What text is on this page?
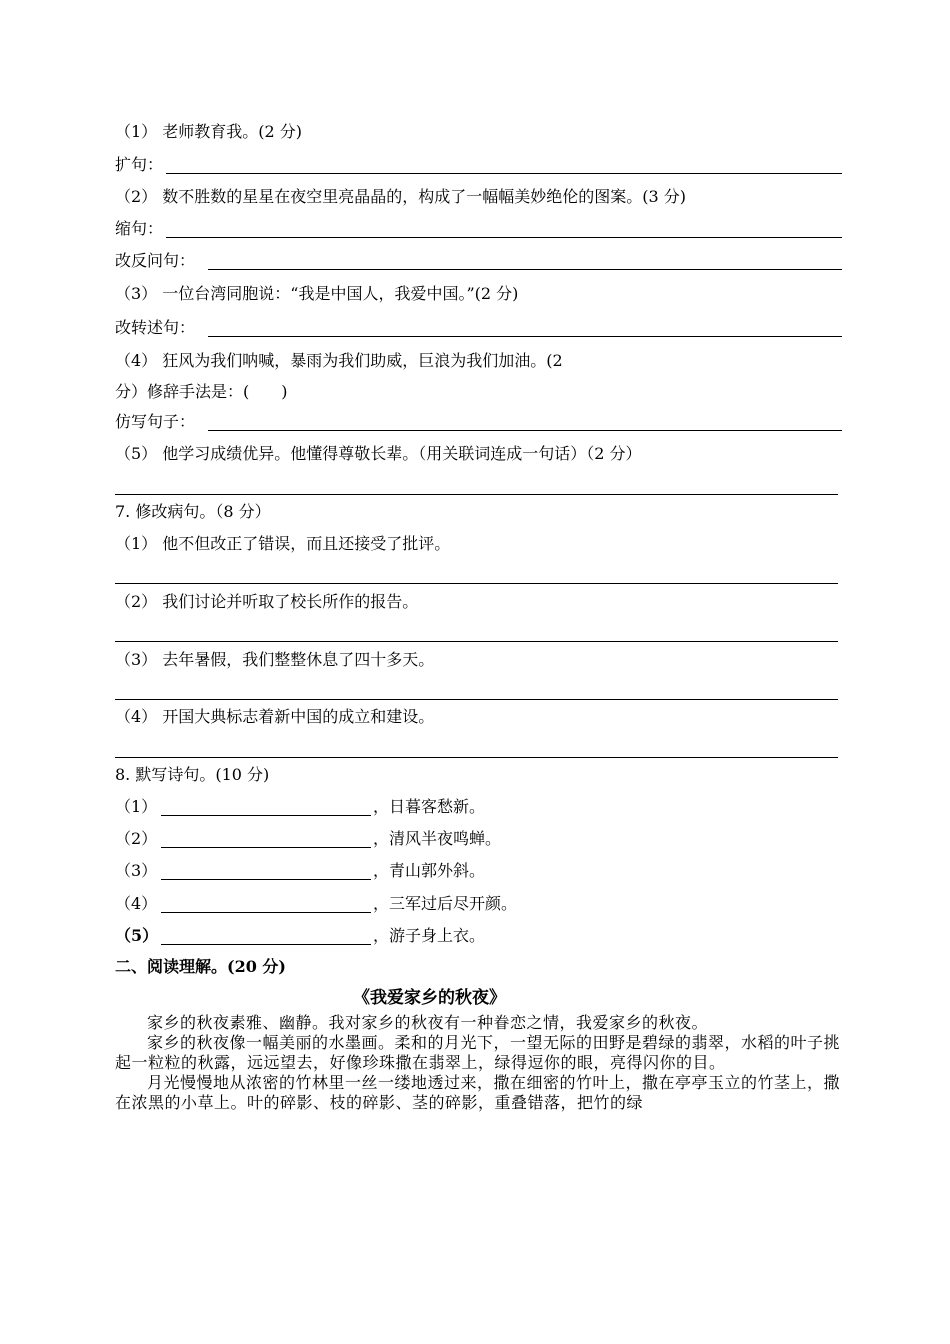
（1） 老师教育我。(2 分)
扩句：
（2） 数不胜数的星星在夜空里亮晶晶的，构成了一幅幅美妙绝伦的图案。(3 分)
缩句：
改反问句：
（3） 一位台湾同胞说：“我是中国人，我爱中国。”(2 分)
改转述句：
（4） 狂风为我们呐喊，暴雨为我们助威，巨浪为我们加油。(2
分）修辞手法是：(　　)
仿写句子：
（5） 他学习成绩优异。他懂得尊敬长辈。（用关联词连成一句话）（2 分）
7. 修改病句。（8 分）
（1） 他不但改正了错误，而且还接受了批评。
（2） 我们讨论并听取了校长所作的报告。
（3） 去年暑假，我们整整休息了四十多天。
（4） 开国大典标志着新中国的成立和建设。
8. 默写诗句。(10 分)
（1）	，日暮客愁新。
（2）	，清风半夜鸣蝉。
（3）	，青山郭外斜。
（4）	，三军过后尽开颜。
（5）	，游子身上衣。
二、阅读理解。(20 分)
《我爱家乡的秋夜》

家乡的秋夜素雅、幽静。我对家乡的秋夜有一种眷恋之情，我爱家乡的秋夜。

家乡的秋夜像一幅美丽的水墨画。柔和的月光下，一望无际的田野是碧绿的翡翠，水稻的叶子挑起一粒粒的秋露，远远望去，好像珍珠撒在翡翠上，绿得逗你的眼，亮得闪你的目。

月光慢慢地从浓密的竹林里一丝一缕地透过来，撒在细密的竹叶上，撒在亭亭玉立的竹茎上，撒在浓黑的小草上。叶的碎影、枝的碎影、茎的碎影，重叠错落，把竹的绿
